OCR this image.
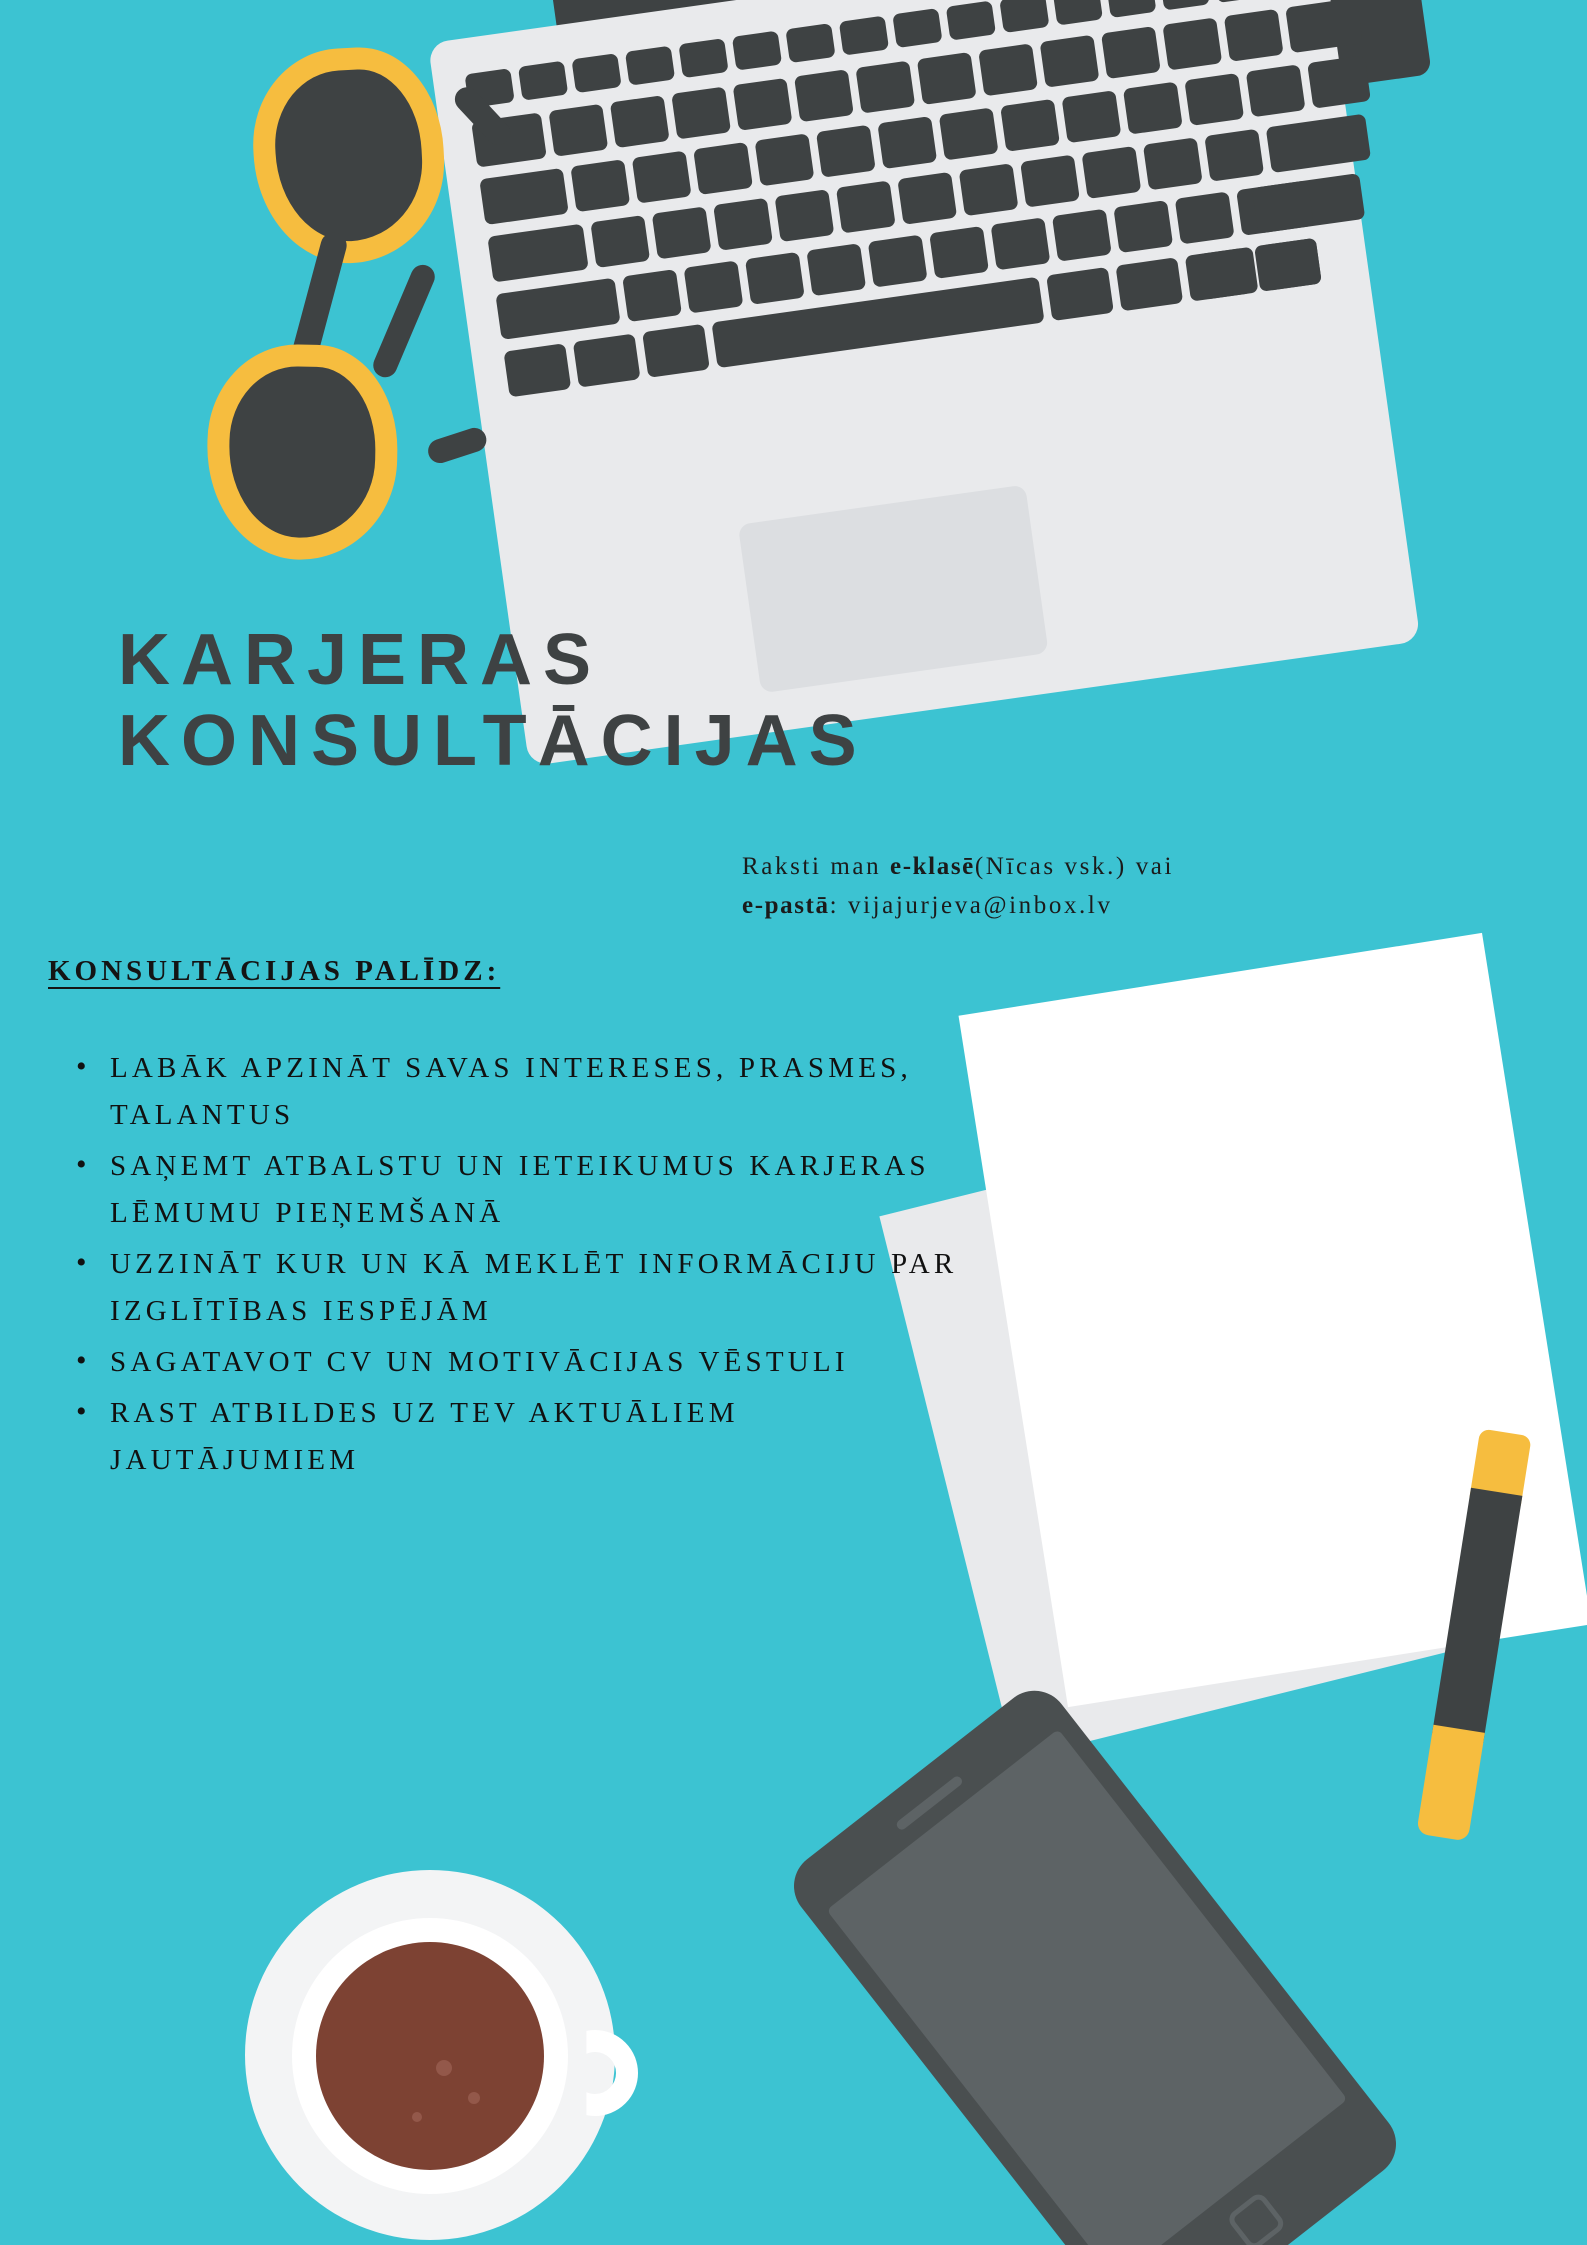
KARJERAS
KONSULTĀCIJAS
Raksti man e-klasē(Nīcas vsk.) vai
e-pastā: vijajurjeva@inbox.lv
KONSULTĀCIJAS PALĪDZ:
• LABĀK APZINĀT SAVAS INTERESES, PRASMES, TALANTUS
• SAŅEMT ATBALSTU UN IETEIKUMUS KARJERAS LĒMUMU PIEŅEMŠANĀ
• UZZINĀT KUR UN KĀ MEKLĒT INFORMĀCIJU PAR IZGLĪTĪBAS IESPĒJĀM
• SAGATAVOT CV UN MOTIVĀCIJAS VĒSTULI
• RAST ATBILDES UZ TEV AKTUĀLIEM JAUTĀJUMIEM
